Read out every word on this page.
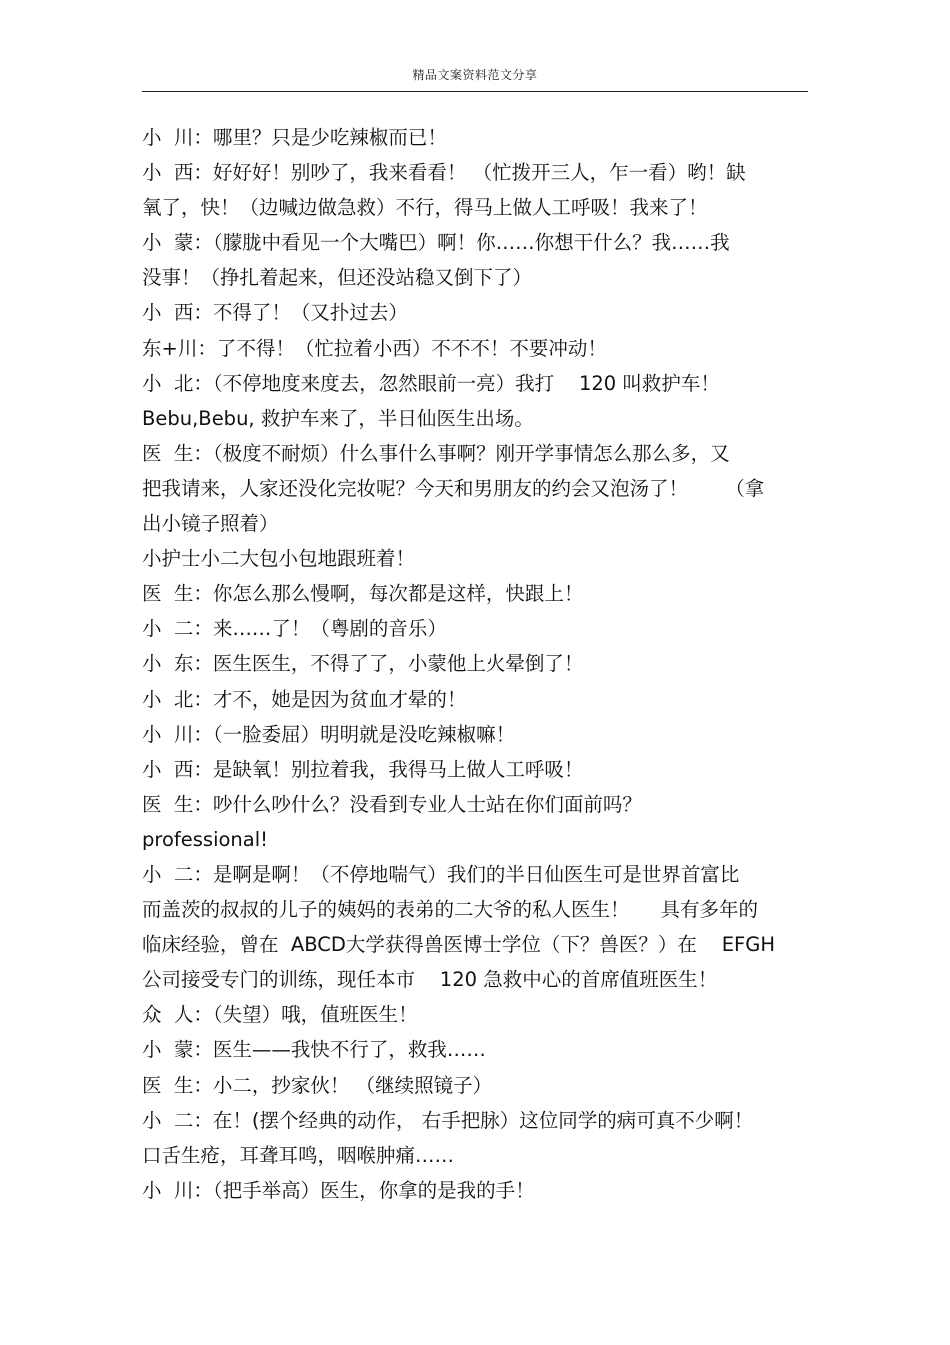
精品文案资料范文分享
小  川：哪里？只是少吃辣椒而已！
小  西：好好好！别吵了，我来看看！ （忙拨开三人，乍一看）哟！缺
氧了，快！（边喊边做急救）不行，得马上做人工呼吸！我来了！
小  蒙：（朦胧中看见一个大嘴巴）啊！你……你想干什么？我……我
没事！（挣扎着起来，但还没站稳又倒下了）
小  西：不得了！（又扑过去）
东+川：了不得！（忙拉着小西）不不不！不要冲动！
小  北：（不停地度来度去，忽然眼前一亮）我打    120 叫救护车！
Bebu,Bebu, 救护车来了，半日仙医生出场。
医  生：（极度不耐烦）什么事什么事啊？刚开学事情怎么那么多，又
把我请来，人家还没化完妆呢？今天和男朋友的约会又泡汤了！      （拿
出小镜子照着）
小护士小二大包小包地跟班着！
医  生：你怎么那么慢啊，每次都是这样，快跟上！
小  二：来……了！（粤剧的音乐）
小  东：医生医生，不得了了，小蒙他上火晕倒了！
小  北：才不，她是因为贫血才晕的！
小  川：（一脸委屈）明明就是没吃辣椒嘛！
小  西：是缺氧！别拉着我，我得马上做人工呼吸！
医  生：吵什么吵什么？没看到专业人士站在你们面前吗？
professional!
小  二：是啊是啊！（不停地喘气）我们的半日仙医生可是世界首富比
而盖茨的叔叔的儿子的姨妈的表弟的二大爷的私人医生！     具有多年的
临床经验，曾在  ABCD大学获得兽医博士学位（下？兽医？）在    EFGH
公司接受专门的训练，现任本市    120 急救中心的首席值班医生！
众  人：（失望）哦，值班医生！
小  蒙：医生——我快不行了，救我……
医  生：小二，抄家伙！ （继续照镜子）
小  二：在！(摆个经典的动作， 右手把脉）这位同学的病可真不少啊！
口舌生疮，耳聋耳鸣，咽喉肿痛……
小  川：（把手举高）医生，你拿的是我的手！
